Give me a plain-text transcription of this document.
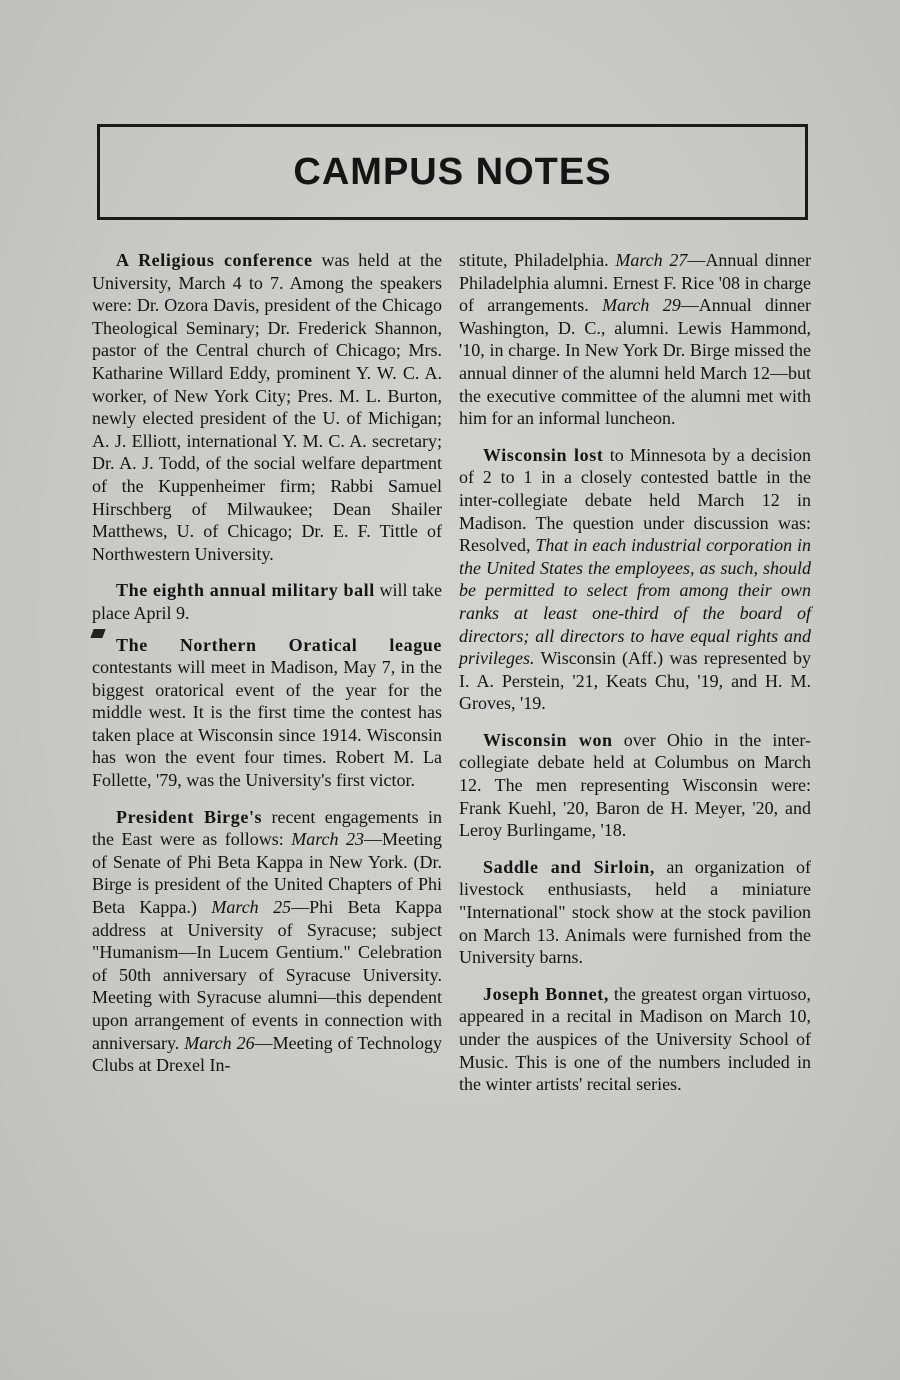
CAMPUS NOTES

A Religious conference was held at the University, March 4 to 7. Among the speakers were: Dr. Ozora Davis, president of the Chicago Theological Seminary; Dr. Frederick Shannon, pastor of the Central church of Chicago; Mrs. Katharine Willard Eddy, prominent Y. W. C. A. worker, of New York City; Pres. M. L. Burton, newly elected president of the U. of Michigan; A. J. Elliott, international Y. M. C. A. secretary; Dr. A. J. Todd, of the social welfare department of the Kuppenheimer firm; Rabbi Samuel Hirschberg of Milwaukee; Dean Shailer Matthews, U. of Chicago; Dr. E. F. Tittle of Northwestern University.

The eighth annual military ball will take place April 9.

The Northern Oratical league contestants will meet in Madison, May 7, in the biggest oratorical event of the year for the middle west. It is the first time the contest has taken place at Wisconsin since 1914. Wisconsin has won the event four times. Robert M. La Follette, '79, was the University's first victor.

President Birge's recent engagements in the East were as follows: March 23—Meeting of Senate of Phi Beta Kappa in New York. (Dr. Birge is president of the United Chapters of Phi Beta Kappa.) March 25—Phi Beta Kappa address at University of Syracuse; subject "Humanism—In Lucem Gentium." Celebration of 50th anniversary of Syracuse University. Meeting with Syracuse alumni—this dependent upon arrangement of events in connection with anniversary. March 26—Meeting of Technology Clubs at Drexel In-

stitute, Philadelphia. March 27—Annual dinner Philadelphia alumni. Ernest F. Rice '08 in charge of arrangements. March 29—Annual dinner Washington, D. C., alumni. Lewis Hammond, '10, in charge. In New York Dr. Birge missed the annual dinner of the alumni held March 12—but the executive committee of the alumni met with him for an informal luncheon.

Wisconsin lost to Minnesota by a decision of 2 to 1 in a closely contested battle in the inter-collegiate debate held March 12 in Madison. The question under discussion was: Resolved, That in each industrial corporation in the United States the employees, as such, should be permitted to select from among their own ranks at least one-third of the board of directors; all directors to have equal rights and privileges. Wisconsin (Aff.) was represented by I. A. Perstein, '21, Keats Chu, '19, and H. M. Groves, '19.

Wisconsin won over Ohio in the inter-collegiate debate held at Columbus on March 12. The men representing Wisconsin were: Frank Kuehl, '20, Baron de H. Meyer, '20, and Leroy Burlingame, '18.

Saddle and Sirloin, an organization of livestock enthusiasts, held a miniature "International" stock show at the stock pavilion on March 13. Animals were furnished from the University barns.

Joseph Bonnet, the greatest organ virtuoso, appeared in a recital in Madison on March 10, under the auspices of the University School of Music. This is one of the numbers included in the winter artists' recital series.
